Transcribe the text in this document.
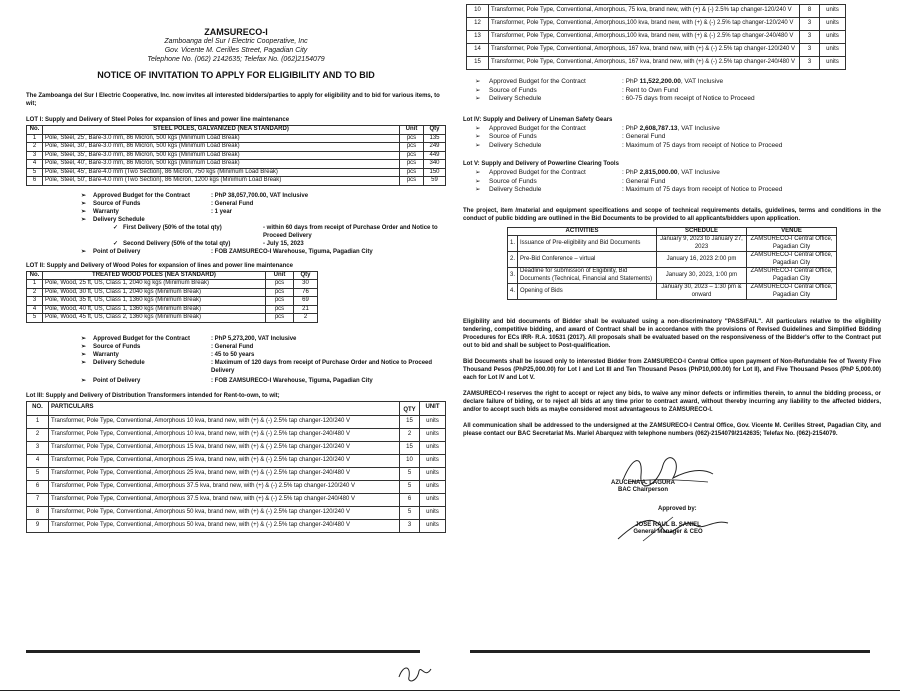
ZAMSURECO-I
Zamboanga del Sur I Electric Cooperative, Inc
Gov. Vicente M. Cerilles Street, Pagadian City
Telephone No. (062) 2142635; Telefax No. (062)2154079
NOTICE OF INVITATION TO APPLY FOR ELIGIBILITY AND TO BID
The Zamboanga del Sur I Electric Cooperative, Inc. now invites all interested bidders/parties to apply for eligibility and to bid for various items, to wit;
LOT I: Supply and Delivery of Steel Poles for expansion of lines and power line maintenance
No.	STEEL POLES, GALVANIZED (NEA STANDARD)	Unit	Qty
1	Pole, Steel, 25', Bare-3.0 mm, 86 Micron, 500 kgs (Minimum Load Break)	pcs	135
2	Pole, Steel, 30', Bare-3.0 mm, 86 Micron, 500 kgs (Minimum Load Break)	pcs	249
3	Pole, Steel, 35', Bare-3.0 mm, 86 Micron, 500 kgs (Minimum Load Break)	pcs	449
4	Pole, Steel, 40', Bare-3.0 mm, 86 Micron, 500 kgs (Minimum Load Break)	pcs	340
5	Pole, Steel, 45', Bare-4.0 mm (Two Section), 86 Micron, 750 kgs (Minimum Load Break)	pcs	150
6	Pole, Steel, 50', Bare-4.0 mm (Two Section), 86 Micron, 1200 kgs (Minimum Load Break)	pcs	59
➢ Approved Budget for the Contract	: PhP 38,057,700.00, VAT Inclusive
➢ Source of Funds	: General Fund
➢ Warranty	: 1 year
➢ Delivery Schedule
✓ First Delivery (50% of the total qty)	- within 60 days from receipt of Purchase Order and Notice to Proceed Delivery
✓ Second Delivery (50% of the total qty)	- July 15, 2023
➢ Point of Delivery	: FOB ZAMSURECO-I Warehouse, Tiguma, Pagadian City
LOT II: Supply and Delivery of Wood Poles for expansion of lines and power line maintenance
No.	TREATED WOOD POLES (NEA STANDARD)	Unit	Qty
1	Pole, Wood, 25 ft, US, Class 1, 2040 kg kgs (Minimum Break)	pcs	30
2	Pole, Wood, 30 ft, US, Class 1, 2040 kgs (Minimum Break)	pcs	76
3	Pole, Wood, 35 ft, US, Class 1, 1360 kgs (Minimum Break)	pcs	69
4	Pole, Wood, 40 ft, US, Class 1, 1360 kgs (Minimum Break)	pcs	21
5	Pole, Wood, 45 ft, US, Class 2, 1360 kgs (Minimum Break)	pcs	2
➢ Approved Budget for the Contract	: PhP 5,273,200, VAT Inclusive
➢ Source of Funds	: General Fund
➢ Warranty	: 45 to 50 years
➢ Delivery Schedule	: Maximum of 120 days from receipt of Purchase Order and Notice to Proceed Delivery
➢ Point of Delivery	: FOB ZAMSURECO-I Warehouse, Tiguma, Pagadian City
Lot III: Supply and Delivery of Distribution Transformers intended for Rent-to-own, to wit;
NO.	PARTICULARS	QTY	UNIT
1	Transformer, Pole Type, Conventional, Amorphous 10 kva, brand new, with (+) & (-) 2.5% tap changer-120/240 V	15	units
2	Transformer, Pole Type, Conventional, Amorphous 10 kva, brand new, with (+) & (-) 2.5% tap changer-240/480 V	2	units
3	Transformer, Pole Type, Conventional, Amorphous 15 kva, brand new, with (+) & (-) 2.5% tap changer-120/240 V	15	units
4	Transformer, Pole Type, Conventional, Amorphous 25 kva, brand new, with (+) & (-) 2.5% tap changer-120/240 V	10	units
5	Transformer, Pole Type, Conventional, Amorphous 25 kva, brand new, with (+) & (-) 2.5% tap changer-240/480 V	5	units
6	Transformer, Pole Type, Conventional, Amorphous 37.5 kva, brand new, with (+) & (-) 2.5% tap changer-120/240 V	5	units
7	Transformer, Pole Type, Conventional, Amorphous 37.5 kva, brand new, with (+) & (-) 2.5% tap changer-240/480 V	6	units
8	Transformer, Pole Type, Conventional, Amorphous 50 kva, brand new, with (+) & (-) 2.5% tap changer-120/240 V	5	units
9	Transformer, Pole Type, Conventional, Amorphous 50 kva, brand new, with (+) & (-) 2.5% tap changer-240/480 V	3	units
10	Transformer, Pole Type, Conventional, Amorphous, 75 kva, brand new, with (+) & (-) 2.5% tap changer-120/240 V	8	units
12	Transformer, Pole Type, Conventional, Amorphous,100 kva, brand new, with (+) & (-) 2.5% tap changer-120/240 V	3	units
13	Transformer, Pole Type, Conventional, Amorphous,100 kva, brand new, with (+) & (-) 2.5% tap changer-240/480 V	3	units
14	Transformer, Pole Type, Conventional, Amorphous, 167 kva, brand new, with (+) & (-) 2.5% tap changer-120/240 V	3	units
15	Transformer, Pole Type, Conventional, Amorphous, 167 kva, brand new, with (+) & (-) 2.5% tap changer-240/480 V	3	units
➢ Approved Budget for the Contract	: PhP 11,522,200.00, VAT Inclusive
➢ Source of Funds	: Rent to Own Fund
➢ Delivery Schedule	: 60-75 days from receipt of Notice to Proceed
Lot IV: Supply and Delivery of Lineman Safety Gears
➢ Approved Budget for the Contract	: PhP 2,608,787.13, VAT Inclusive
➢ Source of Funds	: General Fund
➢ Delivery Schedule	: Maximum of 75 days from receipt of Notice to Proceed
Lot V: Supply and Delivery of Powerline Clearing Tools
➢ Approved Budget for the Contract	: PhP 2,815,000.00, VAT Inclusive
➢ Source of Funds	: General Fund
➢ Delivery Schedule	: Maximum of 75 days from receipt of Notice to Proceed
The project, item /material and equipment specifications and scope of technical requirements details, guidelines, terms and conditions in the conduct of public bidding are outlined in the Bid Documents to be provided to all applicants/bidders upon application.
ACTIVITIES		SCHEDULE	VENUE
1.	Issuance of Pre-eligibility and Bid Documents	January 9, 2023 to January 27, 2023	ZAMSURECO-I Central Office, Pagadian City
2.	Pre-Bid Conference – virtual	January 16, 2023 2:00 pm	ZAMSURECO-I Central Office, Pagadian City
3.	Deadline for submission of Eligibility, Bid Documents (Technical, Financial and Statements)	January 30, 2023, 1:00 pm	ZAMSURECO-I Central Office, Pagadian City
4.	Opening of Bids	January 30, 2023 – 1:30 pm & onward	ZAMSURECO-I Central Office, Pagadian City
Eligibility and bid documents of Bidder shall be evaluated using a non-discriminatory "PASS/FAIL". All particulars relative to the eligibility tendering, competitive bidding, and award of Contract shall be in accordance with the provisions of Revised Guidelines and Simplified Bidding Procedures for ECs IRR- R.A. 10531 (2017). All proposals shall be evaluated based on the responsiveness of the Bidder's offer to the Contract put out to bid and shall be subject to Post-qualification.
Bid Documents shall be issued only to interested Bidder from ZAMSURECO-I Central Office upon payment of Non-Refundable fee of Twenty Five Thousand Pesos (PhP25,000.00) for Lot I and Lot III and Ten Thousand Pesos (PhP10,000.00) for Lot II), and Five Thousand Pesos (PhP 5,000.00) each for Lot IV and Lot V.
ZAMSURECO-I reserves the right to accept or reject any bids, to waive any minor defects or infirmities therein, to annul the bidding process, or declare failure of biding, or to reject all bids at any time prior to contract award, without thereby incurring any liability to the affected bidders, and/or to accept such bids as maybe considered most advantageous to ZAMSURECO-I.
All communication shall be addressed to the undersigned at the ZAMSURECO-I Central Office, Gov. Vicente M. Cerilles Street, Pagadian City, and please contact our BAC Secretariat Ms. Mariel Abarquez with telephone numbers (062)-2154079/2142635; Telefax No. (062)-2154079.
AZUCENA A. LAGURA
BAC Chairperson
Approved by:
JOSE RAUL B. SANIEL
General Manager & CEO
